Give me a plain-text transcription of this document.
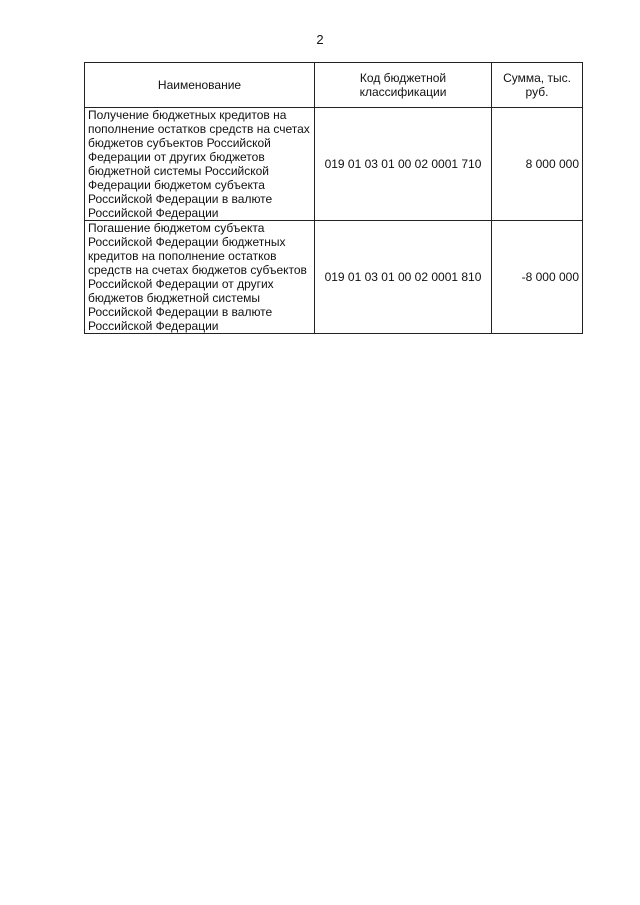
2
Наименование	Код бюджетной классификации	Сумма, тыс. руб.
Получение бюджетных кредитов на пополнение остатков средств на счетах бюджетов субъектов Российской Федерации от других бюджетов бюджетной системы Российской Федерации бюджетом субъекта Российской Федерации в валюте Российской Федерации	019 01 03 01 00 02 0001 710	8 000 000
Погашение бюджетом субъекта Российской Федерации бюджетных кредитов на пополнение остатков средств на счетах бюджетов субъектов Российской Федерации от других бюджетов бюджетной системы Российской Федерации в валюте Российской Федерации	019 01 03 01 00 02 0001 810	-8 000 000
